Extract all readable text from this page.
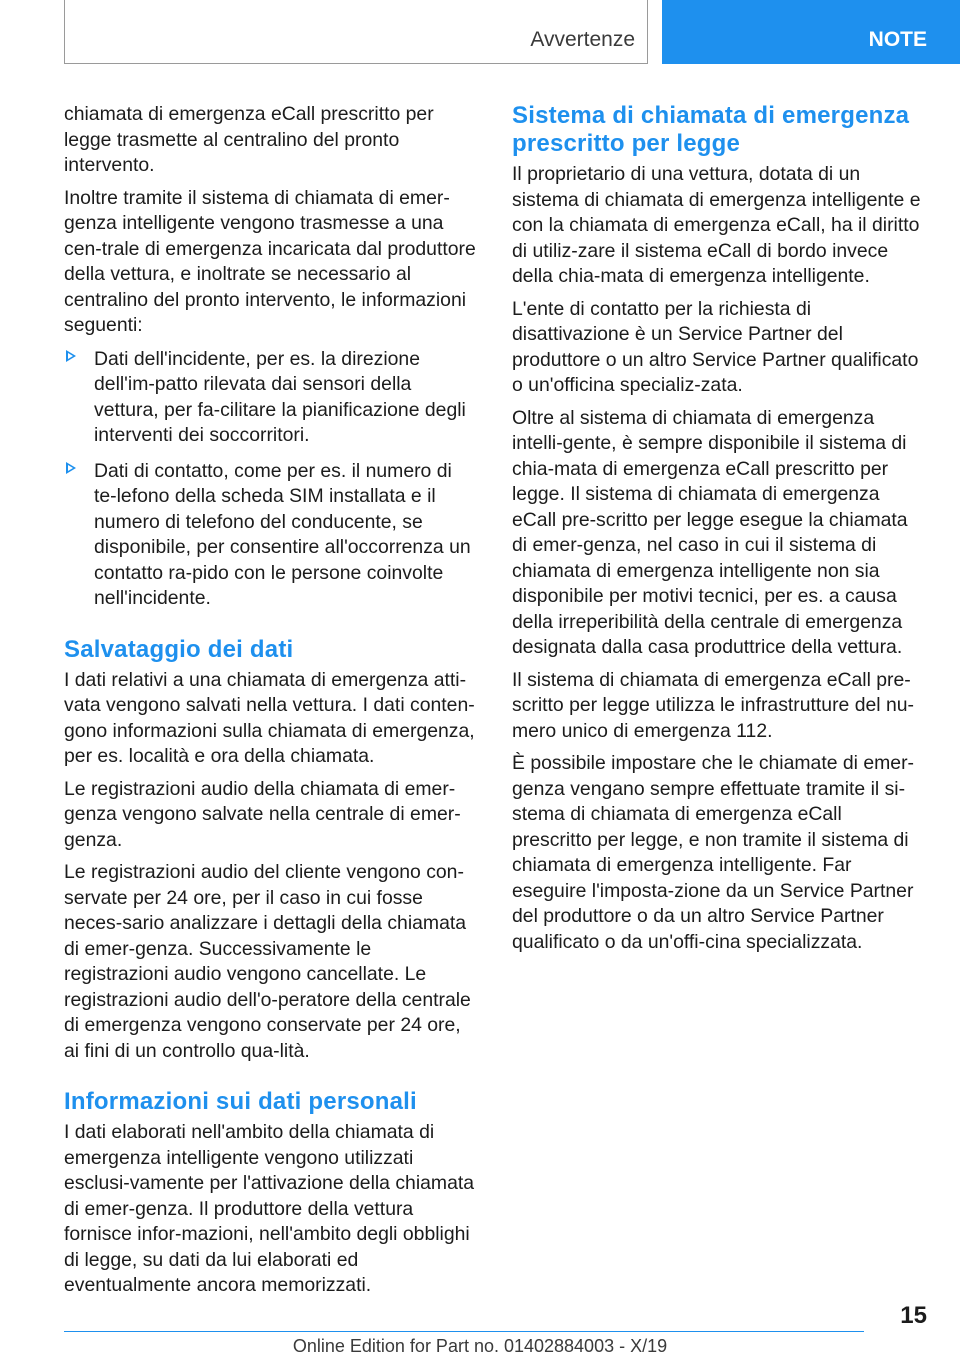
Avvertenze	NOTE

chiamata di emergenza eCall prescritto per legge trasmette al centralino del pronto intervento.

Inoltre tramite il sistema di chiamata di emer-genza intelligente vengono trasmesse a una cen-trale di emergenza incaricata dal produttore della vettura, e inoltrate se necessario al centralino del pronto intervento, le informazioni seguenti:

Dati dell'incidente, per es. la direzione dell'im-patto rilevata dai sensori della vettura, per fa-cilitare la pianificazione degli interventi dei soccorritori.

Dati di contatto, come per es. il numero di te-lefono della scheda SIM installata e il numero di telefono del conducente, se disponibile, per consentire all'occorrenza un contatto ra-pido con le persone coinvolte nell'incidente.

Salvataggio dei dati

I dati relativi a una chiamata di emergenza atti-vata vengono salvati nella vettura. I dati conten-gono informazioni sulla chiamata di emergenza, per es. località e ora della chiamata.

Le registrazioni audio della chiamata di emer-genza vengono salvate nella centrale di emer-genza.

Le registrazioni audio del cliente vengono con-servate per 24 ore, per il caso in cui fosse neces-sario analizzare i dettagli della chiamata di emer-genza. Successivamente le registrazioni audio vengono cancellate. Le registrazioni audio dell'o-peratore della centrale di emergenza vengono conservate per 24 ore, ai fini di un controllo qua-lità.

Informazioni sui dati personali

I dati elaborati nell'ambito della chiamata di emergenza intelligente vengono utilizzati esclusi-vamente per l'attivazione della chiamata di emer-genza. Il produttore della vettura fornisce infor-mazioni, nell'ambito degli obblighi di legge, su dati da lui elaborati ed eventualmente ancora memorizzati.

Sistema di chiamata di emergenza prescritto per legge

Il proprietario di una vettura, dotata di un sistema di chiamata di emergenza intelligente e con la chiamata di emergenza eCall, ha il diritto di utiliz-zare il sistema eCall di bordo invece della chia-mata di emergenza intelligente.

L'ente di contatto per la richiesta di disattivazione è un Service Partner del produttore o un altro Service Partner qualificato o un'officina specializ-zata.

Oltre al sistema di chiamata di emergenza intelli-gente, è sempre disponibile il sistema di chia-mata di emergenza eCall prescritto per legge. Il sistema di chiamata di emergenza eCall pre-scritto per legge esegue la chiamata di emer-genza, nel caso in cui il sistema di chiamata di emergenza intelligente non sia disponibile per motivi tecnici, per es. a causa della irreperibilità della centrale di emergenza designata dalla casa produttrice della vettura.

Il sistema di chiamata di emergenza eCall pre-scritto per legge utilizza le infrastrutture del nu-mero unico di emergenza 112.

È possibile impostare che le chiamate di emer-genza vengano sempre effettuate tramite il si-stema di chiamata di emergenza eCall prescritto per legge, e non tramite il sistema di chiamata di emergenza intelligente. Far eseguire l'imposta-zione da un Service Partner del produttore o da un altro Service Partner qualificato o da un'offi-cina specializzata.

15
Online Edition for Part no. 01402884003 - X/19
